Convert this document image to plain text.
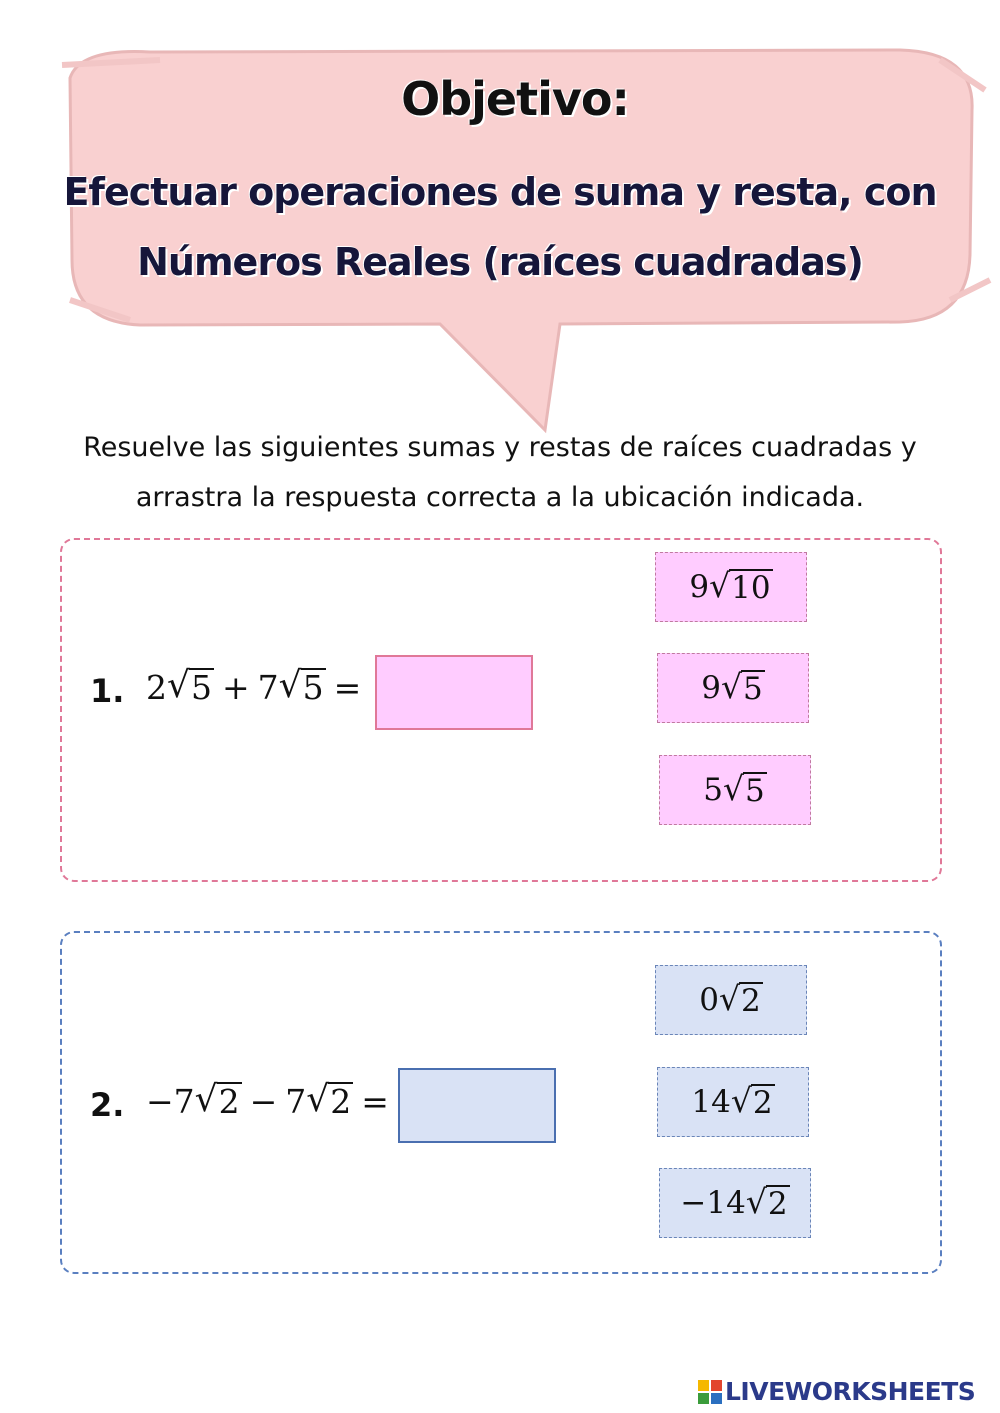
Objetivo:
Efectuar operaciones de suma y resta, con
Números Reales (raíces cuadradas)
Resuelve las siguientes sumas y restas de raíces cuadradas y
arrastra la respuesta correcta a la ubicación indicada.
1. 2 √ 5 + 7 √ 5 =
9 √ 10
9 √ 5
5 √ 5
2. −7 √ 2 − 7 √ 2 =
0 √ 2
14 √ 2
−14 √ 2
LIVEWORKSHEETS
